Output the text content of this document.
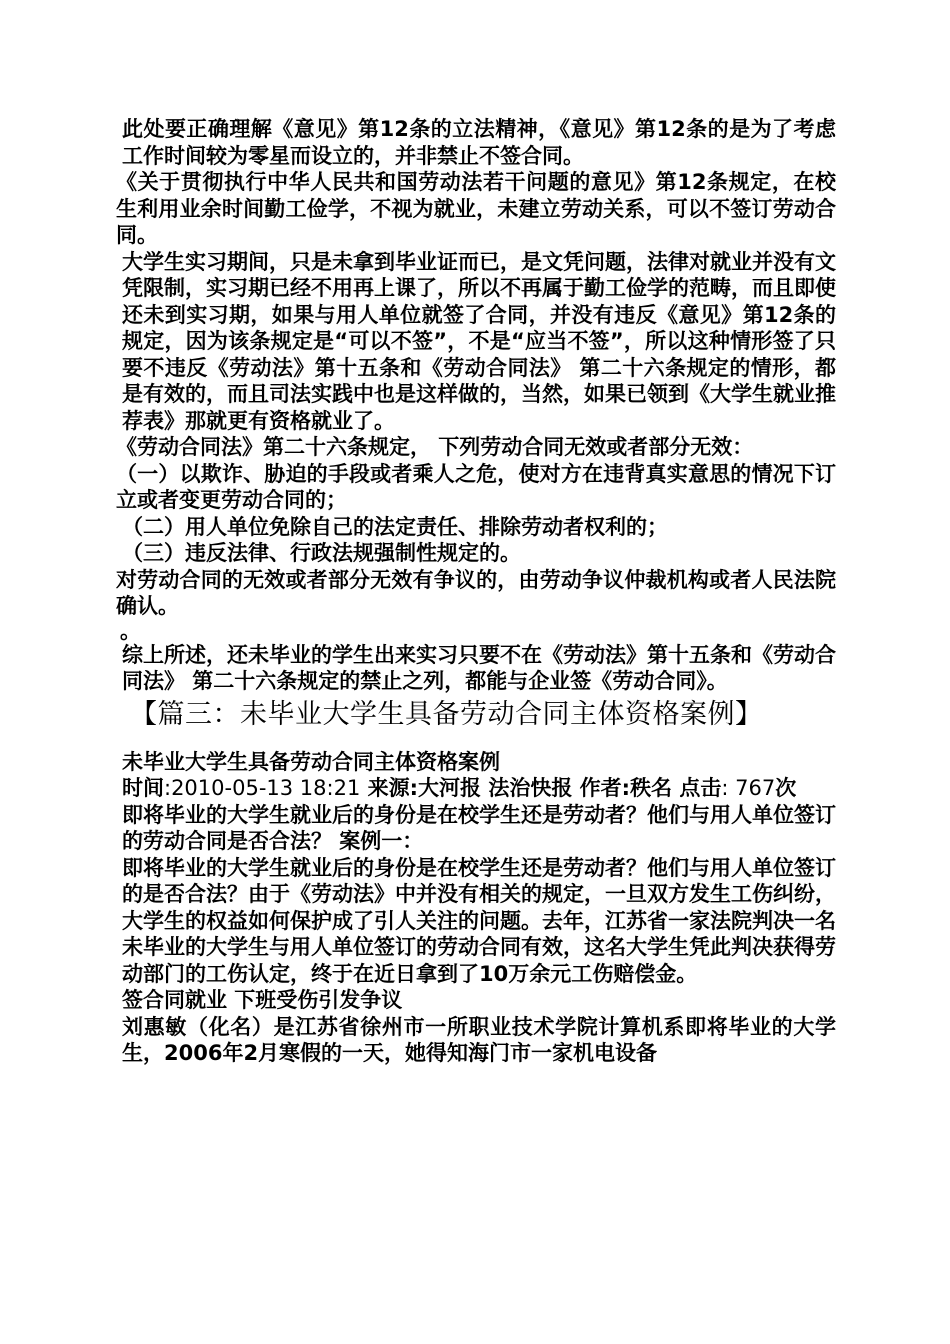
此处要正确理解《意见》第12条的立法精神，《意见》第12条的是为了考虑工作时间较为零星而设立的，并非禁止不签合同。

《关于贯彻执行中华人民共和国劳动法若干问题的意见》第12条规定，在校生利用业余时间勤工俭学，不视为就业，未建立劳动关系，可以不签订劳动合同。

大学生实习期间，只是未拿到毕业证而已，是文凭问题，法律对就业并没有文凭限制，实习期已经不用再上课了，所以不再属于勤工俭学的范畴，而且即使还未到实习期，如果与用人单位就签了合同，并没有违反《意见》第12条的规定，因为该条规定是“可以不签”，不是“应当不签”，所以这种情形签了只要不违反《劳动法》第十五条和《劳动合同法》 第二十六条规定的情形，都是有效的，而且司法实践中也是这样做的，当然，如果已领到《大学生就业推荐表》那就更有资格就业了。

《劳动合同法》第二十六条规定， 下列劳动合同无效或者部分无效：

（一）以欺诈、胁迫的手段或者乘人之危，使对方在违背真实意思的情况下订立或者变更劳动合同的；

（二）用人单位免除自己的法定责任、排除劳动者权利的；

（三）违反法律、行政法规强制性规定的。

对劳动合同的无效或者部分无效有争议的，由劳动争议仲裁机构或者人民法院确认。

。

综上所述，还未毕业的学生出来实习只要不在《劳动法》第十五条和《劳动合同法》 第二十六条规定的禁止之列，都能与企业签《劳动合同》。

【篇三：未毕业大学生具备劳动合同主体资格案例】

未毕业大学生具备劳动合同主体资格案例

时间:2010-05-13 18:21 来源:大河报 法治快报 作者:秩名 点击: 767次

即将毕业的大学生就业后的身份是在校学生还是劳动者？他们与用人单位签订的劳动合同是否合法？ 案例一：

即将毕业的大学生就业后的身份是在校学生还是劳动者？他们与用人单位签订的是否合法？由于《劳动法》中并没有相关的规定，一旦双方发生工伤纠纷，大学生的权益如何保护成了引人关注的问题。去年，江苏省一家法院判决一名未毕业的大学生与用人单位签订的劳动合同有效，这名大学生凭此判决获得劳动部门的工伤认定，终于在近日拿到了10万余元工伤赔偿金。

签合同就业 下班受伤引发争议

刘惠敏（化名）是江苏省徐州市一所职业技术学院计算机系即将毕业的大学生，2006年2月寒假的一天，她得知海门市一家机电设备
